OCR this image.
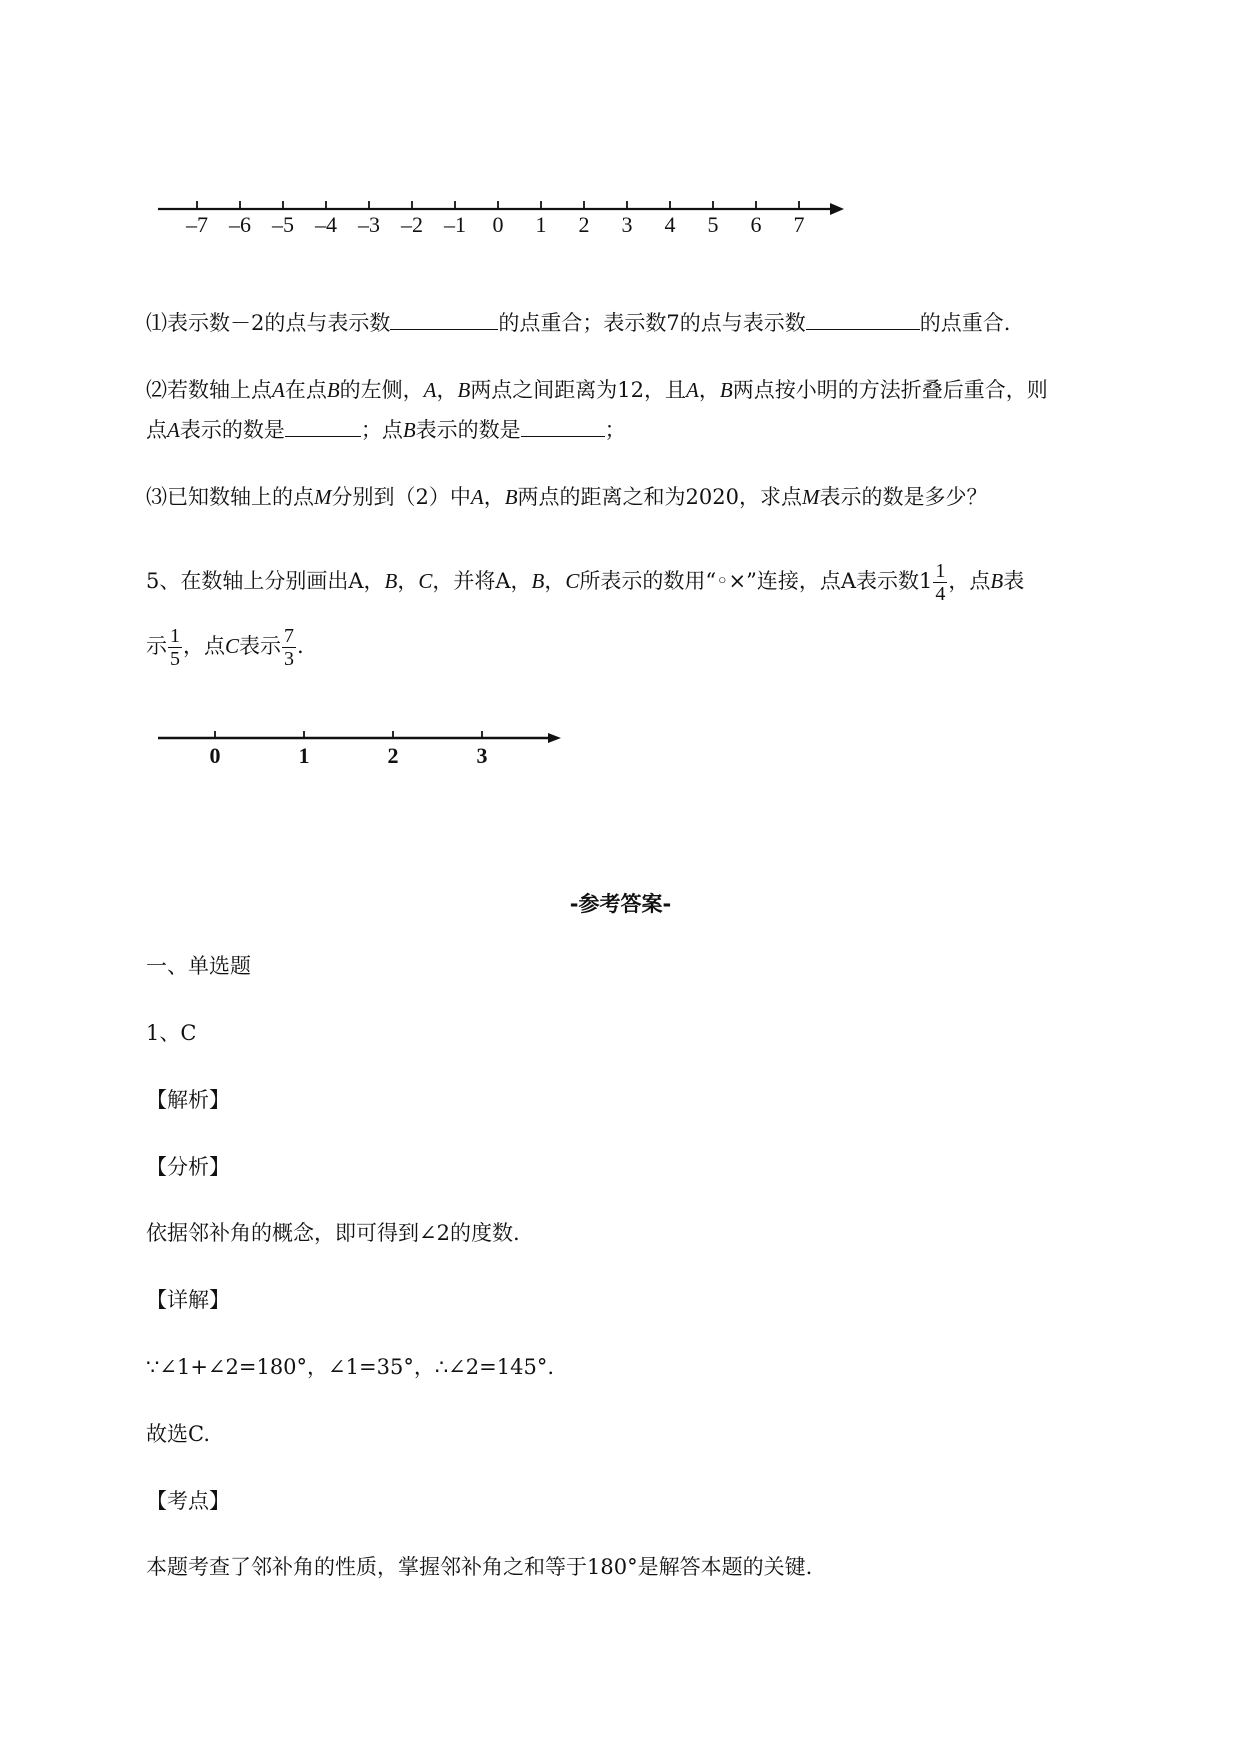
–7 –6 –5 –4 –3 –2 –1 0 1 2 3 4 5 6 7
⑴表示数－2的点与表示数	的点重合；表示数7的点与表示数	的点重合.
⑵若数轴上点A在点B的左侧，A，B两点之间距离为12，且A，B两点按小明的方法折叠后重合，则
点A表示的数是	；点B表示的数是	；
⑶已知数轴上的点M分别到（2）中A，B两点的距离之和为2020，求点M表示的数是多少？
5、在数轴上分别画出A，B，C，并将A，B，C所表示的数用“◦×”连接，点A表示数$1 \frac{1}{4}$ ，点B表
示 $\frac{1}{5}$ ，点C表示 $\frac{7}{3}$ .
0	1	2	3
-参考答案-
一、单选题
1、C
【解析】
【分析】
依据邻补角的概念，即可得到∠2的度数.
【详解】
∵∠1+∠2=180°，∠1=35°，∴∠2=145°.
故选C.
【考点】
本题考查了邻补角的性质，掌握邻补角之和等于180°是解答本题的关键.
